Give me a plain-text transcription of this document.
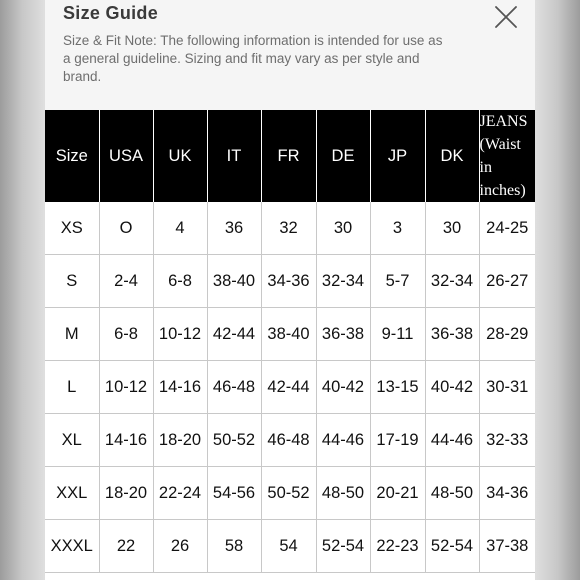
Size Guide
Size & Fit Note: The following information is intended for use as a general guideline. Sizing and fit may vary as per style and brand.
Size	USA	UK	IT	FR	DE	JP	DK	JEANS (Waist in inches)
XS	O	4	36	32	30	3	30	24-25
S	2-4	6-8	38-40	34-36	32-34	5-7	32-34	26-27
M	6-8	10-12	42-44	38-40	36-38	9-11	36-38	28-29
L	10-12	14-16	46-48	42-44	40-42	13-15	40-42	30-31
XL	14-16	18-20	50-52	46-48	44-46	17-19	44-46	32-33
XXL	18-20	22-24	54-56	50-52	48-50	20-21	48-50	34-36
XXXL	22	26	58	54	52-54	22-23	52-54	37-38
